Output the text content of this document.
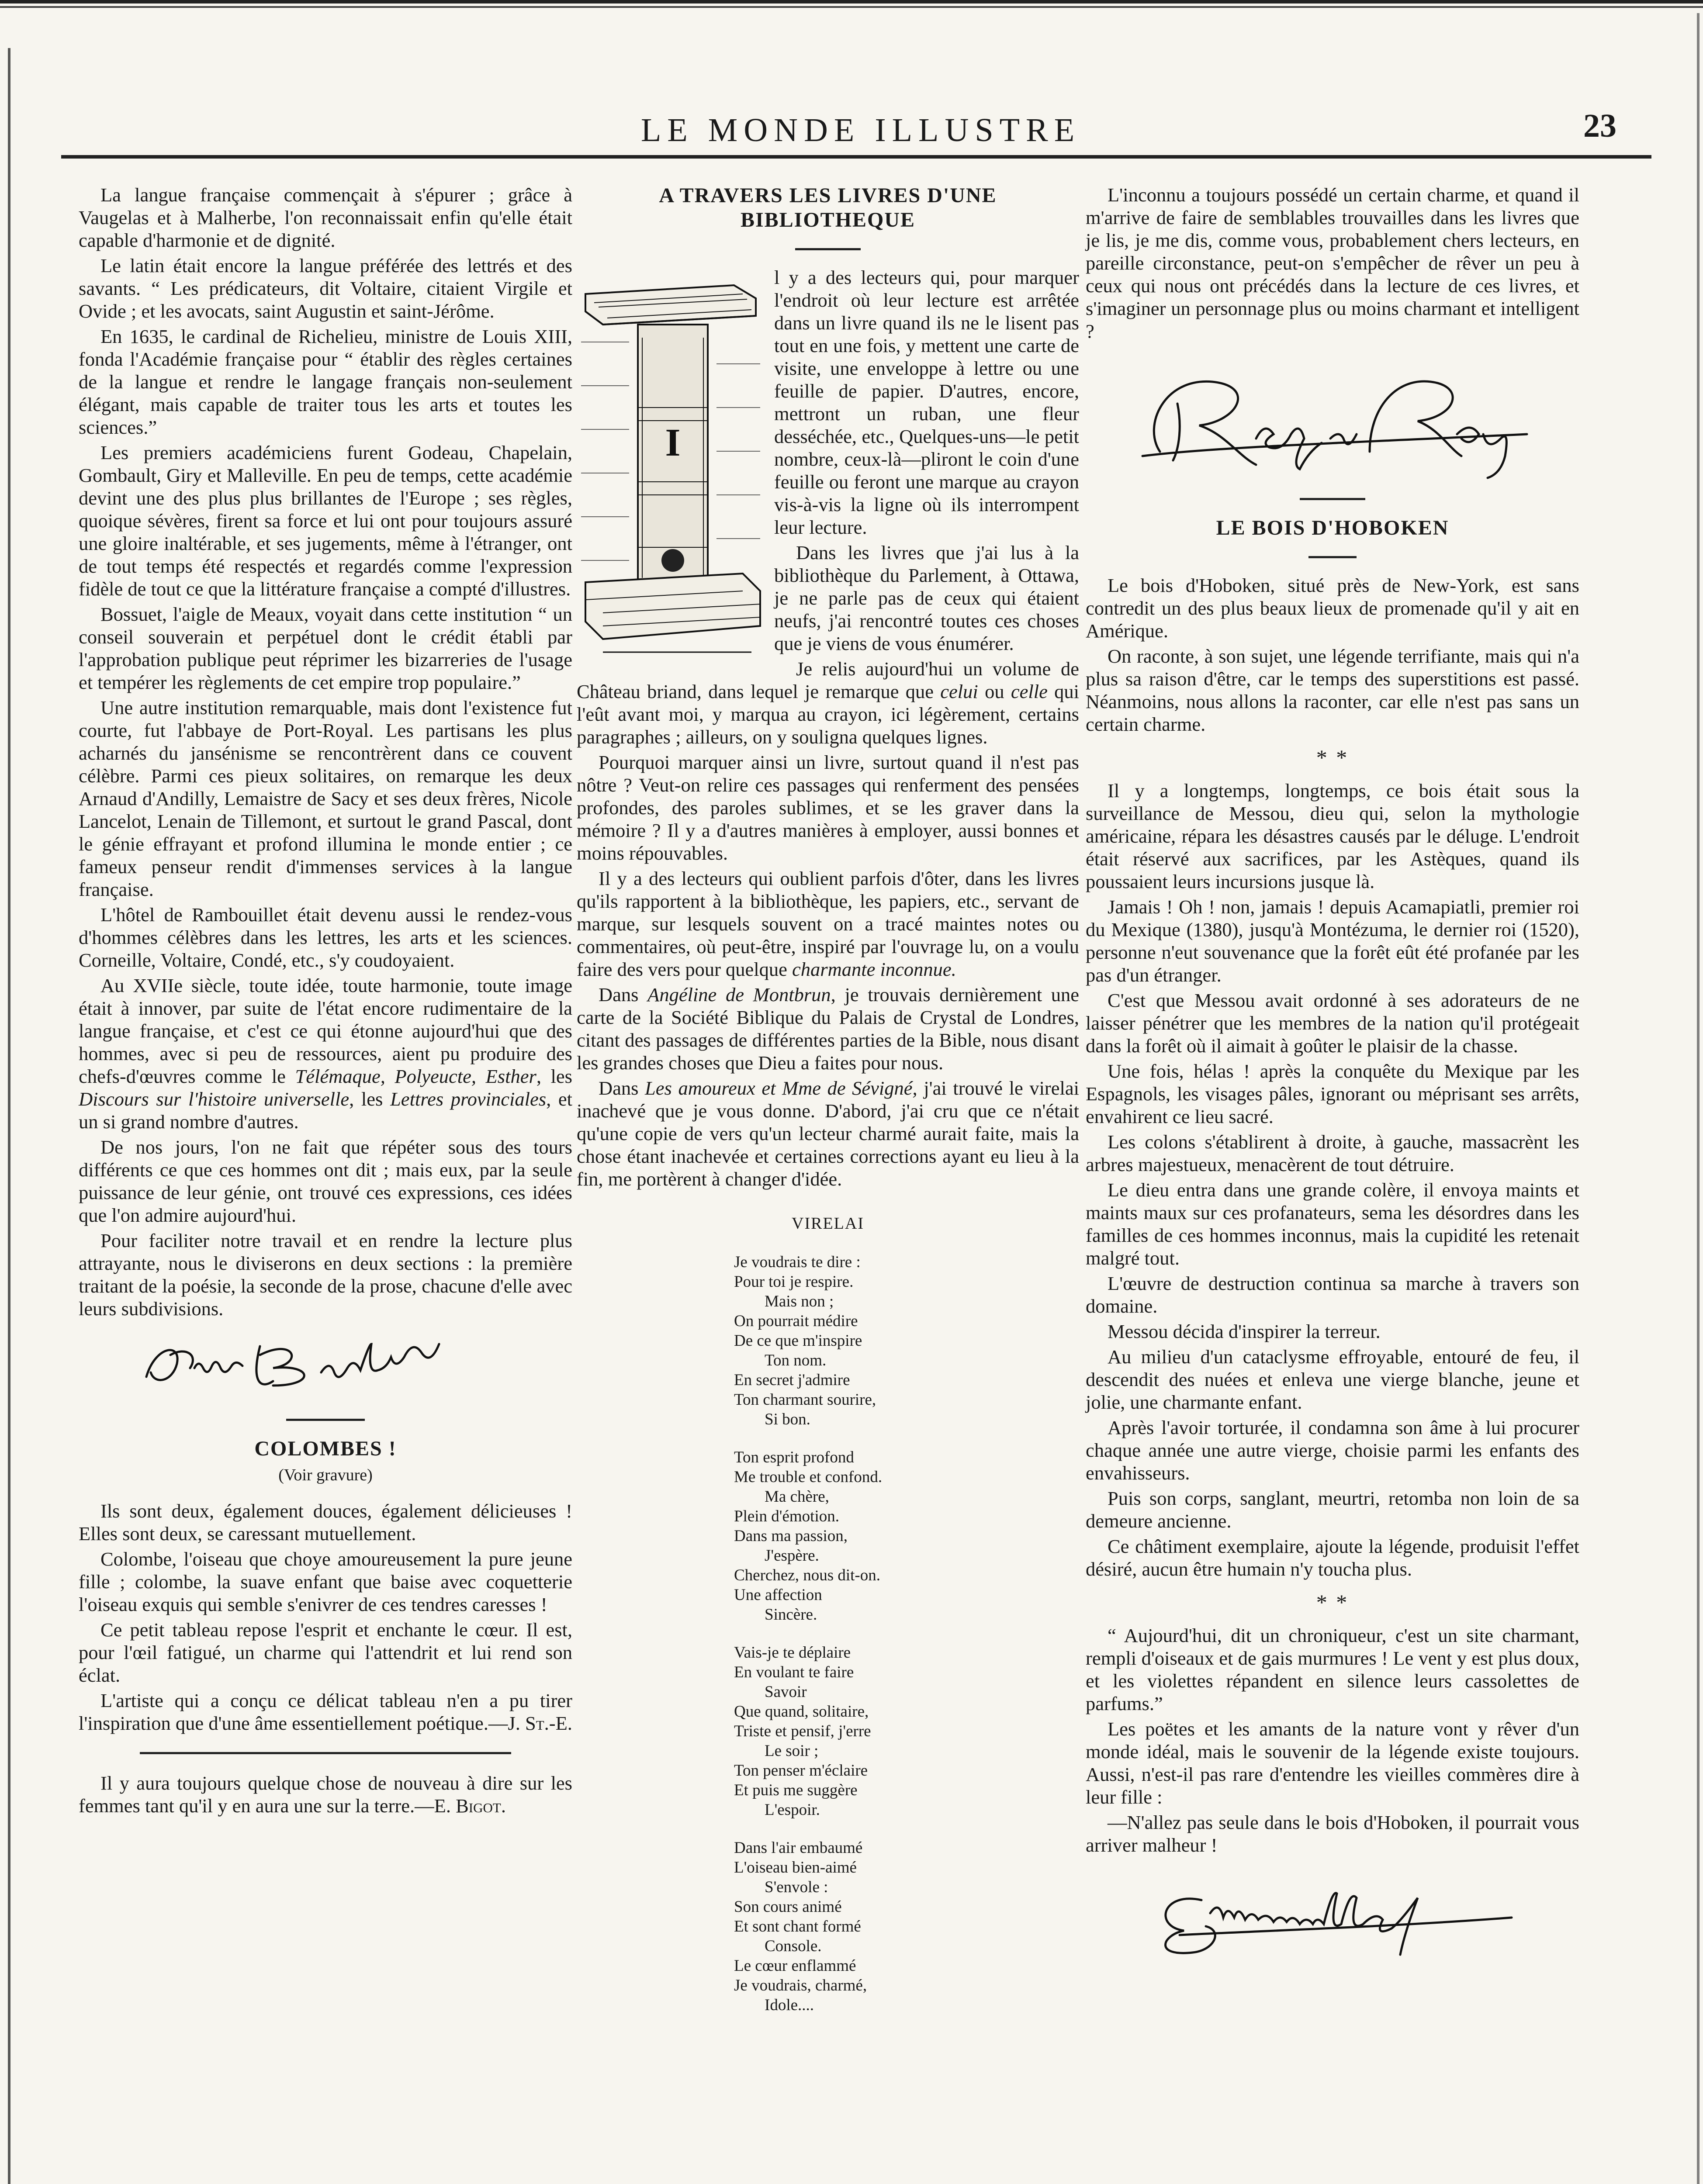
LE MONDE ILLUSTRE	23

La langue française commençait à s'épurer ; grâce à Vaugelas et à Malherbe, l'on reconnaissait enfin qu'elle était capable d'harmonie et de dignité.

Le latin était encore la langue préférée des lettrés et des savants. “ Les prédicateurs, dit Voltaire, citaient Virgile et Ovide ; et les avocats, saint Augustin et saint-Jérôme.

En 1635, le cardinal de Richelieu, ministre de Louis XIII, fonda l'Académie française pour “ établir des règles certaines de la langue et rendre le langage français non-seulement élégant, mais capable de traiter tous les arts et toutes les sciences.”

Les premiers académiciens furent Godeau, Chapelain, Gombault, Giry et Malleville. En peu de temps, cette académie devint une des plus plus brillantes de l'Europe ; ses règles, quoique sévères, firent sa force et lui ont pour toujours assuré une gloire inaltérable, et ses jugements, même à l'étranger, ont de tout temps été respectés et regardés comme l'expression fidèle de tout ce que la littérature française a compté d'illustres.

Bossuet, l'aigle de Meaux, voyait dans cette institution “ un conseil souverain et perpétuel dont le crédit établi par l'approbation publique peut réprimer les bizarreries de l'usage et tempérer les règlements de cet empire trop populaire.”

Une autre institution remarquable, mais dont l'existence fut courte, fut l'abbaye de Port-Royal. Les partisans les plus acharnés du jansénisme se rencontrèrent dans ce couvent célèbre. Parmi ces pieux solitaires, on remarque les deux Arnaud d'Andilly, Lemaistre de Sacy et ses deux frères, Nicole Lancelot, Lenain de Tillemont, et surtout le grand Pascal, dont le génie effrayant et profond illumina le monde entier ; ce fameux penseur rendit d'immenses services à la langue française.

L'hôtel de Rambouillet était devenu aussi le rendez-vous d'hommes célèbres dans les lettres, les arts et les sciences. Corneille, Voltaire, Condé, etc., s'y coudoyaient.

Au XVIIe siècle, toute idée, toute harmonie, toute image était à innover, par suite de l'état encore rudimentaire de la langue française, et c'est ce qui étonne aujourd'hui que des hommes, avec si peu de ressources, aient pu produire des chefs-d'œuvres comme le Télémaque, Polyeucte, Esther, les Discours sur l'histoire universelle, les Lettres provinciales, et un si grand nombre d'autres.

De nos jours, l'on ne fait que répéter sous des tours différents ce que ces hommes ont dit ; mais eux, par la seule puissance de leur génie, ont trouvé ces expressions, ces idées que l'on admire aujourd'hui.

Pour faciliter notre travail et en rendre la lecture plus attrayante, nous le diviserons en deux sections : la première traitant de la poésie, la seconde de la prose, chacune d'elle avec leurs subdivisions.

COLOMBES !
(Voir gravure)

Ils sont deux, également douces, également délicieuses ! Elles sont deux, se caressant mutuellement.

Colombe, l'oiseau que choye amoureusement la pure jeune fille ; colombe, la suave enfant que baise avec coquetterie l'oiseau exquis qui semble s'enivrer de ces tendres caresses !

Ce petit tableau repose l'esprit et enchante le cœur. Il est, pour l'œil fatigué, un charme qui l'attendrit et lui rend son éclat.

L'artiste qui a conçu ce délicat tableau n'en a pu tirer l'inspiration que d'une âme essentiellement poétique.—J. St.-E.

Il y aura toujours quelque chose de nouveau à dire sur les femmes tant qu'il y en aura une sur la terre.—E. Bigot.

A TRAVERS LES LIVRES D'UNE BIBLIOTHEQUE
I

l y a des lecteurs qui, pour marquer l'endroit où leur lecture est arrêtée dans un livre quand ils ne le lisent pas tout en une fois, y mettent une carte de visite, une enveloppe à lettre ou une feuille de papier. D'autres, encore, mettront un ruban, une fleur desséchée, etc., Quelques-uns—le petit nombre, ceux-là—pliront le coin d'une feuille ou feront une marque au crayon vis-à-vis la ligne où ils interrompent leur lecture.

Dans les livres que j'ai lus à la bibliothèque du Parlement, à Ottawa, je ne parle pas de ceux qui étaient neufs, j'ai rencontré toutes ces choses que je viens de vous énumérer.

Je relis aujourd'hui un volume de Château briand, dans lequel je remarque que celui ou celle qui l'eût avant moi, y marqua au crayon, ici légèrement, certains paragraphes ; ailleurs, on y souligna quelques lignes.

Pourquoi marquer ainsi un livre, surtout quand il n'est pas nôtre ? Veut-on relire ces passages qui renferment des pensées profondes, des paroles sublimes, et se les graver dans la mémoire ? Il y a d'autres manières à employer, aussi bonnes et moins répouvables.

Il y a des lecteurs qui oublient parfois d'ôter, dans les livres qu'ils rapportent à la bibliothèque, les papiers, etc., servant de marque, sur lesquels souvent on a tracé maintes notes ou commentaires, où peut-être, inspiré par l'ouvrage lu, on a voulu faire des vers pour quelque charmante inconnue.

Dans Angéline de Montbrun, je trouvais dernièrement une carte de la Société Biblique du Palais de Crystal de Londres, citant des passages de différentes parties de la Bible, nous disant les grandes choses que Dieu a faites pour nous.

Dans Les amoureux et Mme de Sévigné, j'ai trouvé le virelai inachevé que je vous donne. D'abord, j'ai cru que ce n'était qu'une copie de vers qu'un lecteur charmé aurait faite, mais la chose étant inachevée et certaines corrections ayant eu lieu à la fin, me portèrent à changer d'idée.

VIRELAI
Je voudrais te dire :
Pour toi je respire.
Mais non ;
On pourrait médire
De ce que m'inspire
Ton nom.
En secret j'admire
Ton charmant sourire,
Si bon.
Ton esprit profond
Me trouble et confond.
Ma chère,
Plein d'émotion.
Dans ma passion,
J'espère.
Cherchez, nous dit-on.
Une affection
Sincère.
Vais-je te déplaire
En voulant te faire
Savoir
Que quand, solitaire,
Triste et pensif, j'erre
Le soir ;
Ton penser m'éclaire
Et puis me suggère
L'espoir.
Dans l'air embaumé
L'oiseau bien-aimé
S'envole :
Son cours animé
Et sont chant formé
Console.
Le cœur enflammé
Je voudrais, charmé,
Idole....

L'inconnu a toujours possédé un certain charme, et quand il m'arrive de faire de semblables trouvailles dans les livres que je lis, je me dis, comme vous, probablement chers lecteurs, en pareille circonstance, peut-on s'empêcher de rêver un peu à ceux qui nous ont précédés dans la lecture de ces livres, et s'imaginer un personnage plus ou moins charmant et intelligent ?

LE BOIS D'HOBOKEN

Le bois d'Hoboken, situé près de New-York, est sans contredit un des plus beaux lieux de promenade qu'il y ait en Amérique.

On raconte, à son sujet, une légende terrifiante, mais qui n'a plus sa raison d'être, car le temps des superstitions est passé. Néanmoins, nous allons la raconter, car elle n'est pas sans un certain charme.

* *

Il y a longtemps, longtemps, ce bois était sous la surveillance de Messou, dieu qui, selon la mythologie américaine, répara les désastres causés par le déluge. L'endroit était réservé aux sacrifices, par les Astèques, quand ils poussaient leurs incursions jusque là.

Jamais ! Oh ! non, jamais ! depuis Acamapiatli, premier roi du Mexique (1380), jusqu'à Montézuma, le dernier roi (1520), personne n'eut souvenance que la forêt eût été profanée par les pas d'un étranger.

C'est que Messou avait ordonné à ses adorateurs de ne laisser pénétrer que les membres de la nation qu'il protégeait dans la forêt où il aimait à goûter le plaisir de la chasse.

Une fois, hélas ! après la conquête du Mexique par les Espagnols, les visages pâles, ignorant ou méprisant ses arrêts, envahirent ce lieu sacré.

Les colons s'établirent à droite, à gauche, massacrènt les arbres majestueux, menacèrent de tout détruire.

Le dieu entra dans une grande colère, il envoya maints et maints maux sur ces profanateurs, sema les désordres dans les familles de ces hommes inconnus, mais la cupidité les retenait malgré tout.

L'œuvre de destruction continua sa marche à travers son domaine.

Messou décida d'inspirer la terreur.

Au milieu d'un cataclysme effroyable, entouré de feu, il descendit des nuées et enleva une vierge blanche, jeune et jolie, une charmante enfant.

Après l'avoir torturée, il condamna son âme à lui procurer chaque année une autre vierge, choisie parmi les enfants des envahisseurs.

Puis son corps, sanglant, meurtri, retomba non loin de sa demeure ancienne.

Ce châtiment exemplaire, ajoute la légende, produisit l'effet désiré, aucun être humain n'y toucha plus.

* *

“ Aujourd'hui, dit un chroniqueur, c'est un site charmant, rempli d'oiseaux et de gais murmures ! Le vent y est plus doux, et les violettes répandent en silence leurs cassolettes de parfums.”

Les poëtes et les amants de la nature vont y rêver d'un monde idéal, mais le souvenir de la légende existe toujours. Aussi, n'est-il pas rare d'entendre les vieilles commères dire à leur fille :

—N'allez pas seule dans le bois d'Hoboken, il pourrait vous arriver malheur !
